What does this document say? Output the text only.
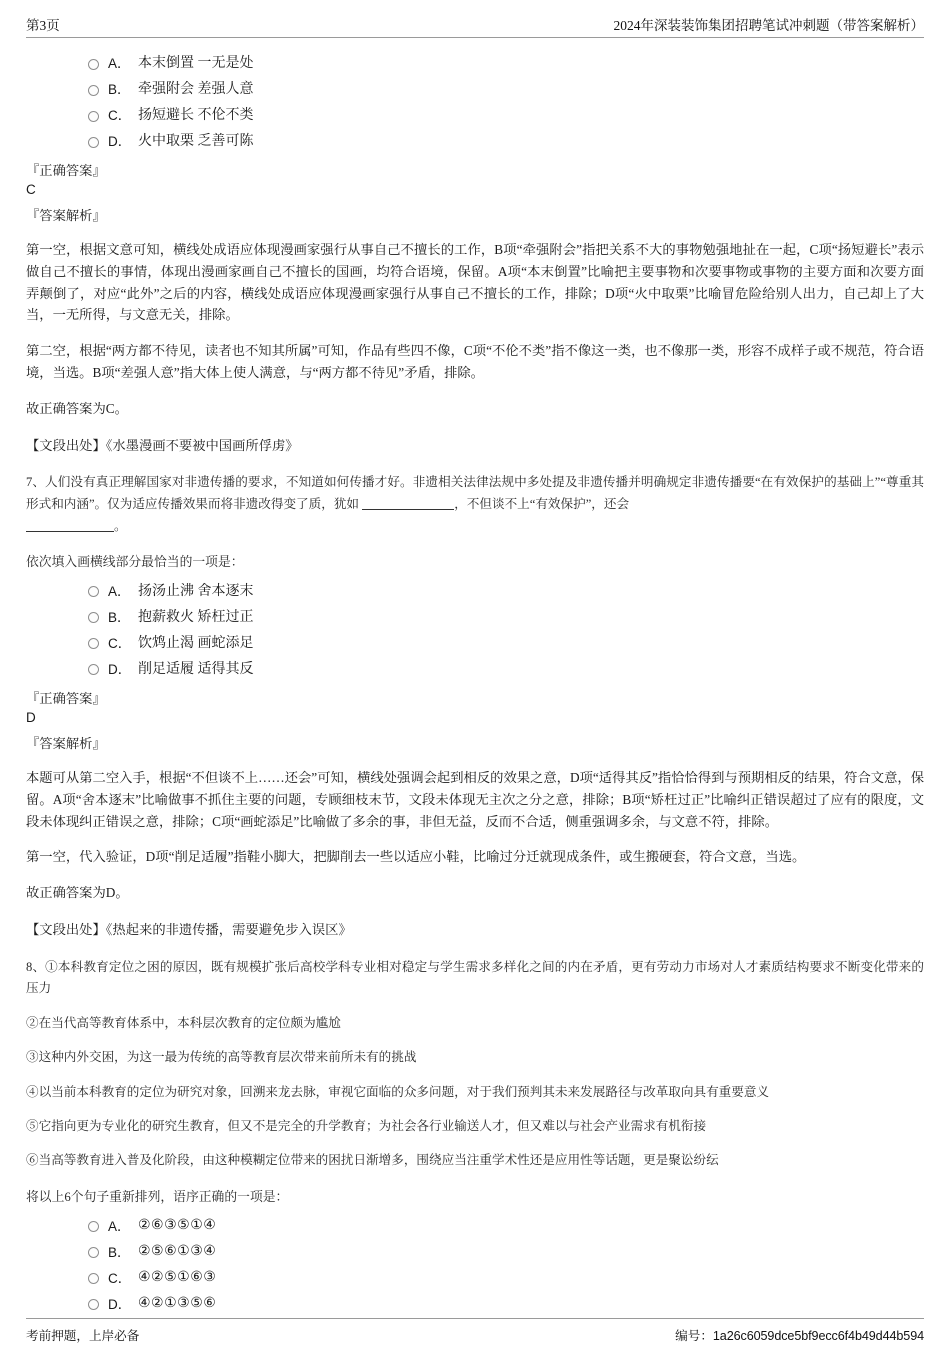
第3页	2024年深装装饰集团招聘笔试冲刺题（带答案解析）
A． 本末倒置 一无是处
B． 牵强附会 差强人意
C． 扬短避长 不伦不类
D． 火中取栗 乏善可陈
『正确答案』
C
『答案解析』
第一空，根据文意可知，横线处成语应体现漫画家强行从事自己不擅长的工作，B项“牵强附会”指把关系不大的事物勉强地扯在一起，C项“扬短避长”表示做自己不擅长的事情，体现出漫画家画自己不擅长的国画，均符合语境，保留。A项“本末倒置”比喻把主要事物和次要事物或事物的主要方面和次要方面弄颠倒了，对应“此外”之后的内容，横线处成语应体现漫画家强行从事自己不擅长的工作，排除；D项“火中取栗”比喻冒危险给别人出力，自己却上了大当，一无所得，与文意无关，排除。
第二空，根据“两方都不待见，读者也不知其所属”可知，作品有些四不像，C项“不伦不类”指不像这一类，也不像那一类，形容不成样子或不规范，符合语境，当选。B项“差强人意”指大体上使人满意，与“两方都不待见”矛盾，排除。
故正确答案为C。
【文段出处】《水墨漫画不要被中国画所俘虏》
7、人们没有真正理解国家对非遗传播的要求，不知道如何传播才好。非遗相关法律法规中多处提及非遗传播并明确规定非遗传播要“在有效保护的基础上”“尊重其形式和内涵”。仅为适应传播效果而将非遗改得变了质，犹如	，不但谈不上“有效保护”，还会
。
依次填入画横线部分最恰当的一项是：
A． 扬汤止沸 舍本逐末
B． 抱薪救火 矫枉过正
C． 饮鸩止渴 画蛇添足
D． 削足适履 适得其反
『正确答案』
D
『答案解析』
本题可从第二空入手，根据“不但谈不上……还会”可知，横线处强调会起到相反的效果之意，D项“适得其反”指恰恰得到与预期相反的结果，符合文意，保留。A项“舍本逐末”比喻做事不抓住主要的问题，专顾细枝末节，文段未体现无主次之分之意，排除；B项“矫枉过正”比喻纠正错误超过了应有的限度，文段未体现纠正错误之意，排除；C项“画蛇添足”比喻做了多余的事，非但无益，反而不合适，侧重强调多余，与文意不符，排除。
第一空，代入验证，D项“削足适履”指鞋小脚大，把脚削去一些以适应小鞋，比喻过分迁就现成条件，或生搬硬套，符合文意，当选。
故正确答案为D。
【文段出处】《热起来的非遗传播，需要避免步入误区》
8、①本科教育定位之困的原因，既有规模扩张后高校学科专业相对稳定与学生需求多样化之间的内在矛盾，更有劳动力市场对人才素质结构要求不断变化带来的压力
②在当代高等教育体系中，本科层次教育的定位颇为尴尬
③这种内外交困，为这一最为传统的高等教育层次带来前所未有的挑战
④以当前本科教育的定位为研究对象，回溯来龙去脉，审视它面临的众多问题，对于我们预判其未来发展路径与改革取向具有重要意义
⑤它指向更为专业化的研究生教育，但又不是完全的升学教育；为社会各行业输送人才，但又难以与社会产业需求有机衔接
⑥当高等教育进入普及化阶段，由这种模糊定位带来的困扰日渐增多，围绕应当注重学术性还是应用性等话题，更是聚讼纷纭
将以上6个句子重新排列，语序正确的一项是：
A． ②⑥③⑤①④
B． ②⑤⑥①③④
C． ④②⑤①⑥③
D． ④②①③⑤⑥
考前押题，上岸必备	编号：1a26c6059dce5bf9ecc6f4b49d44b594
